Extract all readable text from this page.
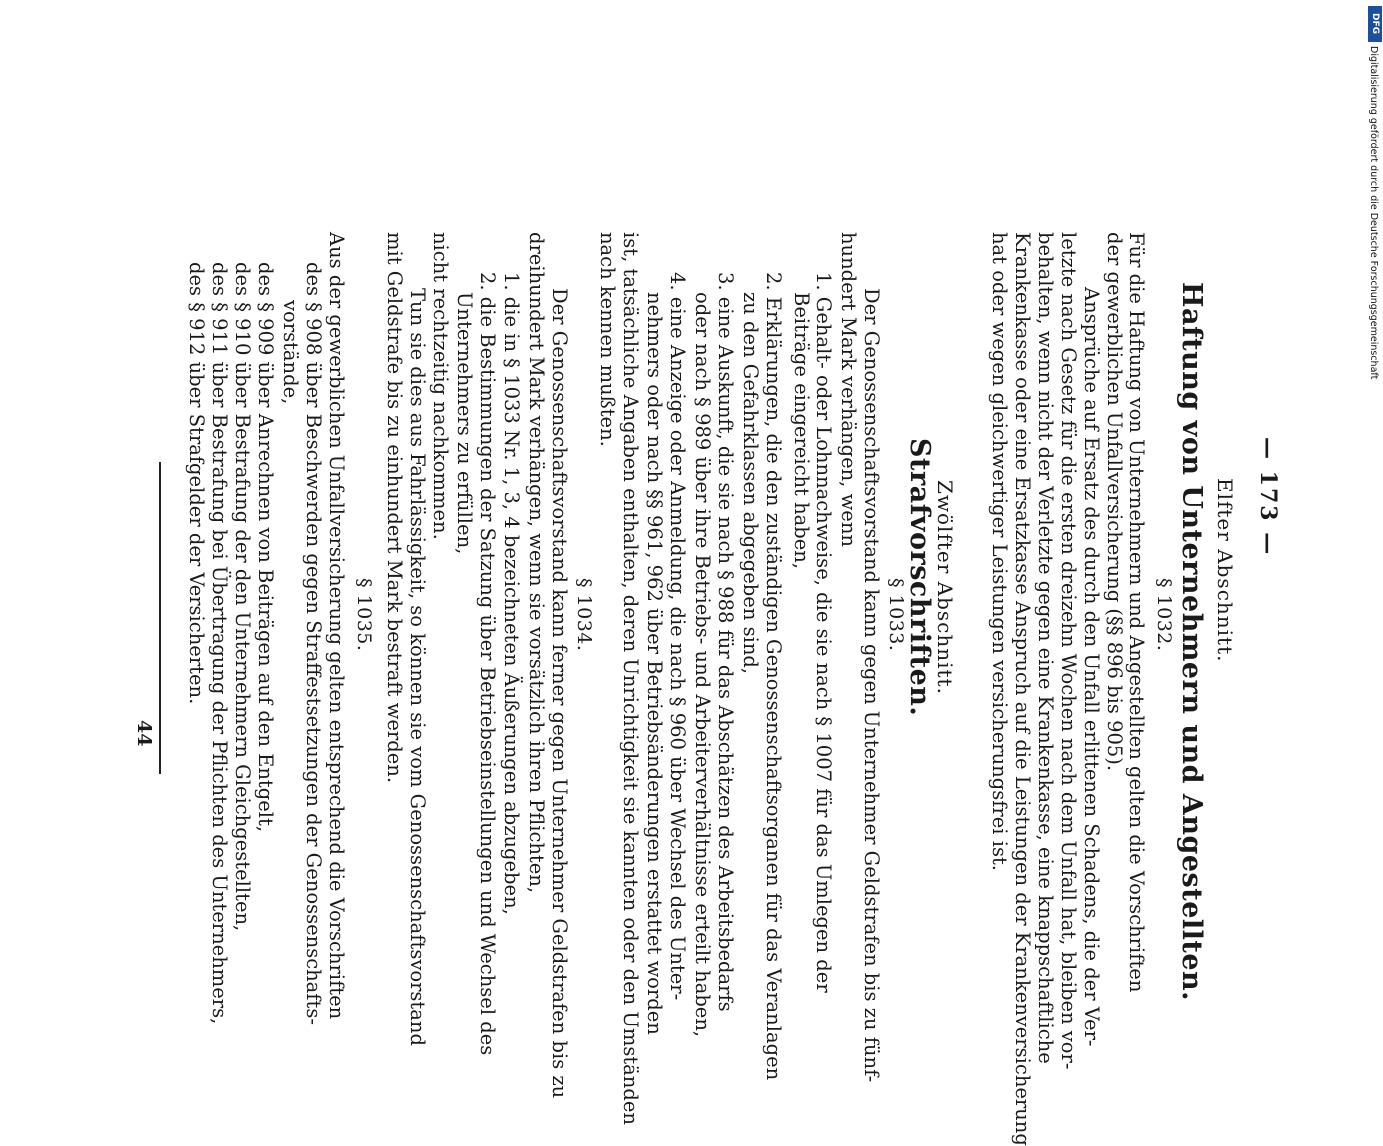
— 173 —
Elfter Abschnitt.
Haftung von Unternehmern und Angestellten.
§ 1032.
Für die Haftung von Unternehmern und Angestellten gelten die Vorschriften
der gewerblichen Unfallversicherung (§§ 896 bis 905).
Ansprüche auf Ersatz des durch den Unfall erlittenen Schadens, die der Ver-
letzte nach Gesetz für die ersten dreizehn Wochen nach dem Unfall hat, bleiben vor-
behalten, wenn nicht der Verletzte gegen eine Krankenkasse, eine knappschaftliche
Krankenkasse oder eine Ersatzkasse Anspruch auf die Leistungen der Krankenversicherung
hat oder wegen gleichwertiger Leistungen versicherungsfrei ist.
Zwölfter Abschnitt.
Strafvorschriften.
§ 1033.
Der Genossenschaftsvorstand kann gegen Unternehmer Geldstrafen bis zu fünf-
hundert Mark verhängen, wenn
1. Gehalt- oder Lohnnachweise, die sie nach § 1007 für das Umlegen der
Beiträge eingereicht haben,
2. Erklärungen, die den zuständigen Genossenschaftsorganen für das Veranlagen
zu den Gefahrklassen abgegeben sind,
3. eine Auskunft, die sie nach § 988 für das Abschätzen des Arbeitsbedarfs
oder nach § 989 über ihre Betriebs- und Arbeiterverhältnisse erteilt haben,
4. eine Anzeige oder Anmeldung, die nach § 960 über Wechsel des Unter-
nehmers oder nach §§ 961, 962 über Betriebsänderungen erstattet worden
ist, tatsächliche Angaben enthalten, deren Unrichtigkeit sie kannten oder den Umständen
nach kennen mußten.
§ 1034.
Der Genossenschaftsvorstand kann ferner gegen Unternehmer Geldstrafen bis zu
dreihundert Mark verhängen, wenn sie vorsätzlich ihren Pflichten,
1. die in § 1033 Nr. 1, 3, 4 bezeichneten Äußerungen abzugeben,
2. die Bestimmungen der Satzung über Betriebseinstellungen und Wechsel des
Unternehmers zu erfüllen,
nicht rechtzeitig nachkommen.
Tun sie dies aus Fahrlässigkeit, so können sie vom Genossenschaftsvorstand
mit Geldstrafe bis zu einhundert Mark bestraft werden.
§ 1035.
Aus der gewerblichen Unfallversicherung gelten entsprechend die Vorschriften
des § 908 über Beschwerden gegen Straffestsetzungen der Genossenschafts-
vorstände,
des § 909 über Anrechnen von Beiträgen auf den Entgelt,
des § 910 über Bestrafung der den Unternehmern Gleichgestellten,
des § 911 über Bestrafung bei Übertragung der Pflichten des Unternehmers,
des § 912 über Strafgelder der Versicherten.
44
DFG
Digitalisierung gefördert durch die Deutsche Forschungsgemeinschaft
